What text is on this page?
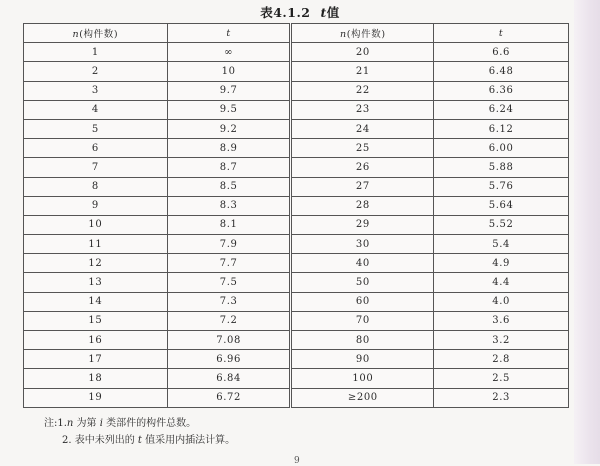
表4.1.2 t值
n(构件数)	t	n(构件数)	t
1	∞	20	6.6
2	10	21	6.48
3	9.7	22	6.36
4	9.5	23	6.24
5	9.2	24	6.12
6	8.9	25	6.00
7	8.7	26	5.88
8	8.5	27	5.76
9	8.3	28	5.64
10	8.1	29	5.52
11	7.9	30	5.4
12	7.7	40	4.9
13	7.5	50	4.4
14	7.3	60	4.0
15	7.2	70	3.6
16	7.08	80	3.2
17	6.96	90	2.8
18	6.84	100	2.5
19	6.72	≥200	2.3
注:1.n 为第 i 类部件的构件总数。
2. 表中未列出的 t 值采用内插法计算。
9
